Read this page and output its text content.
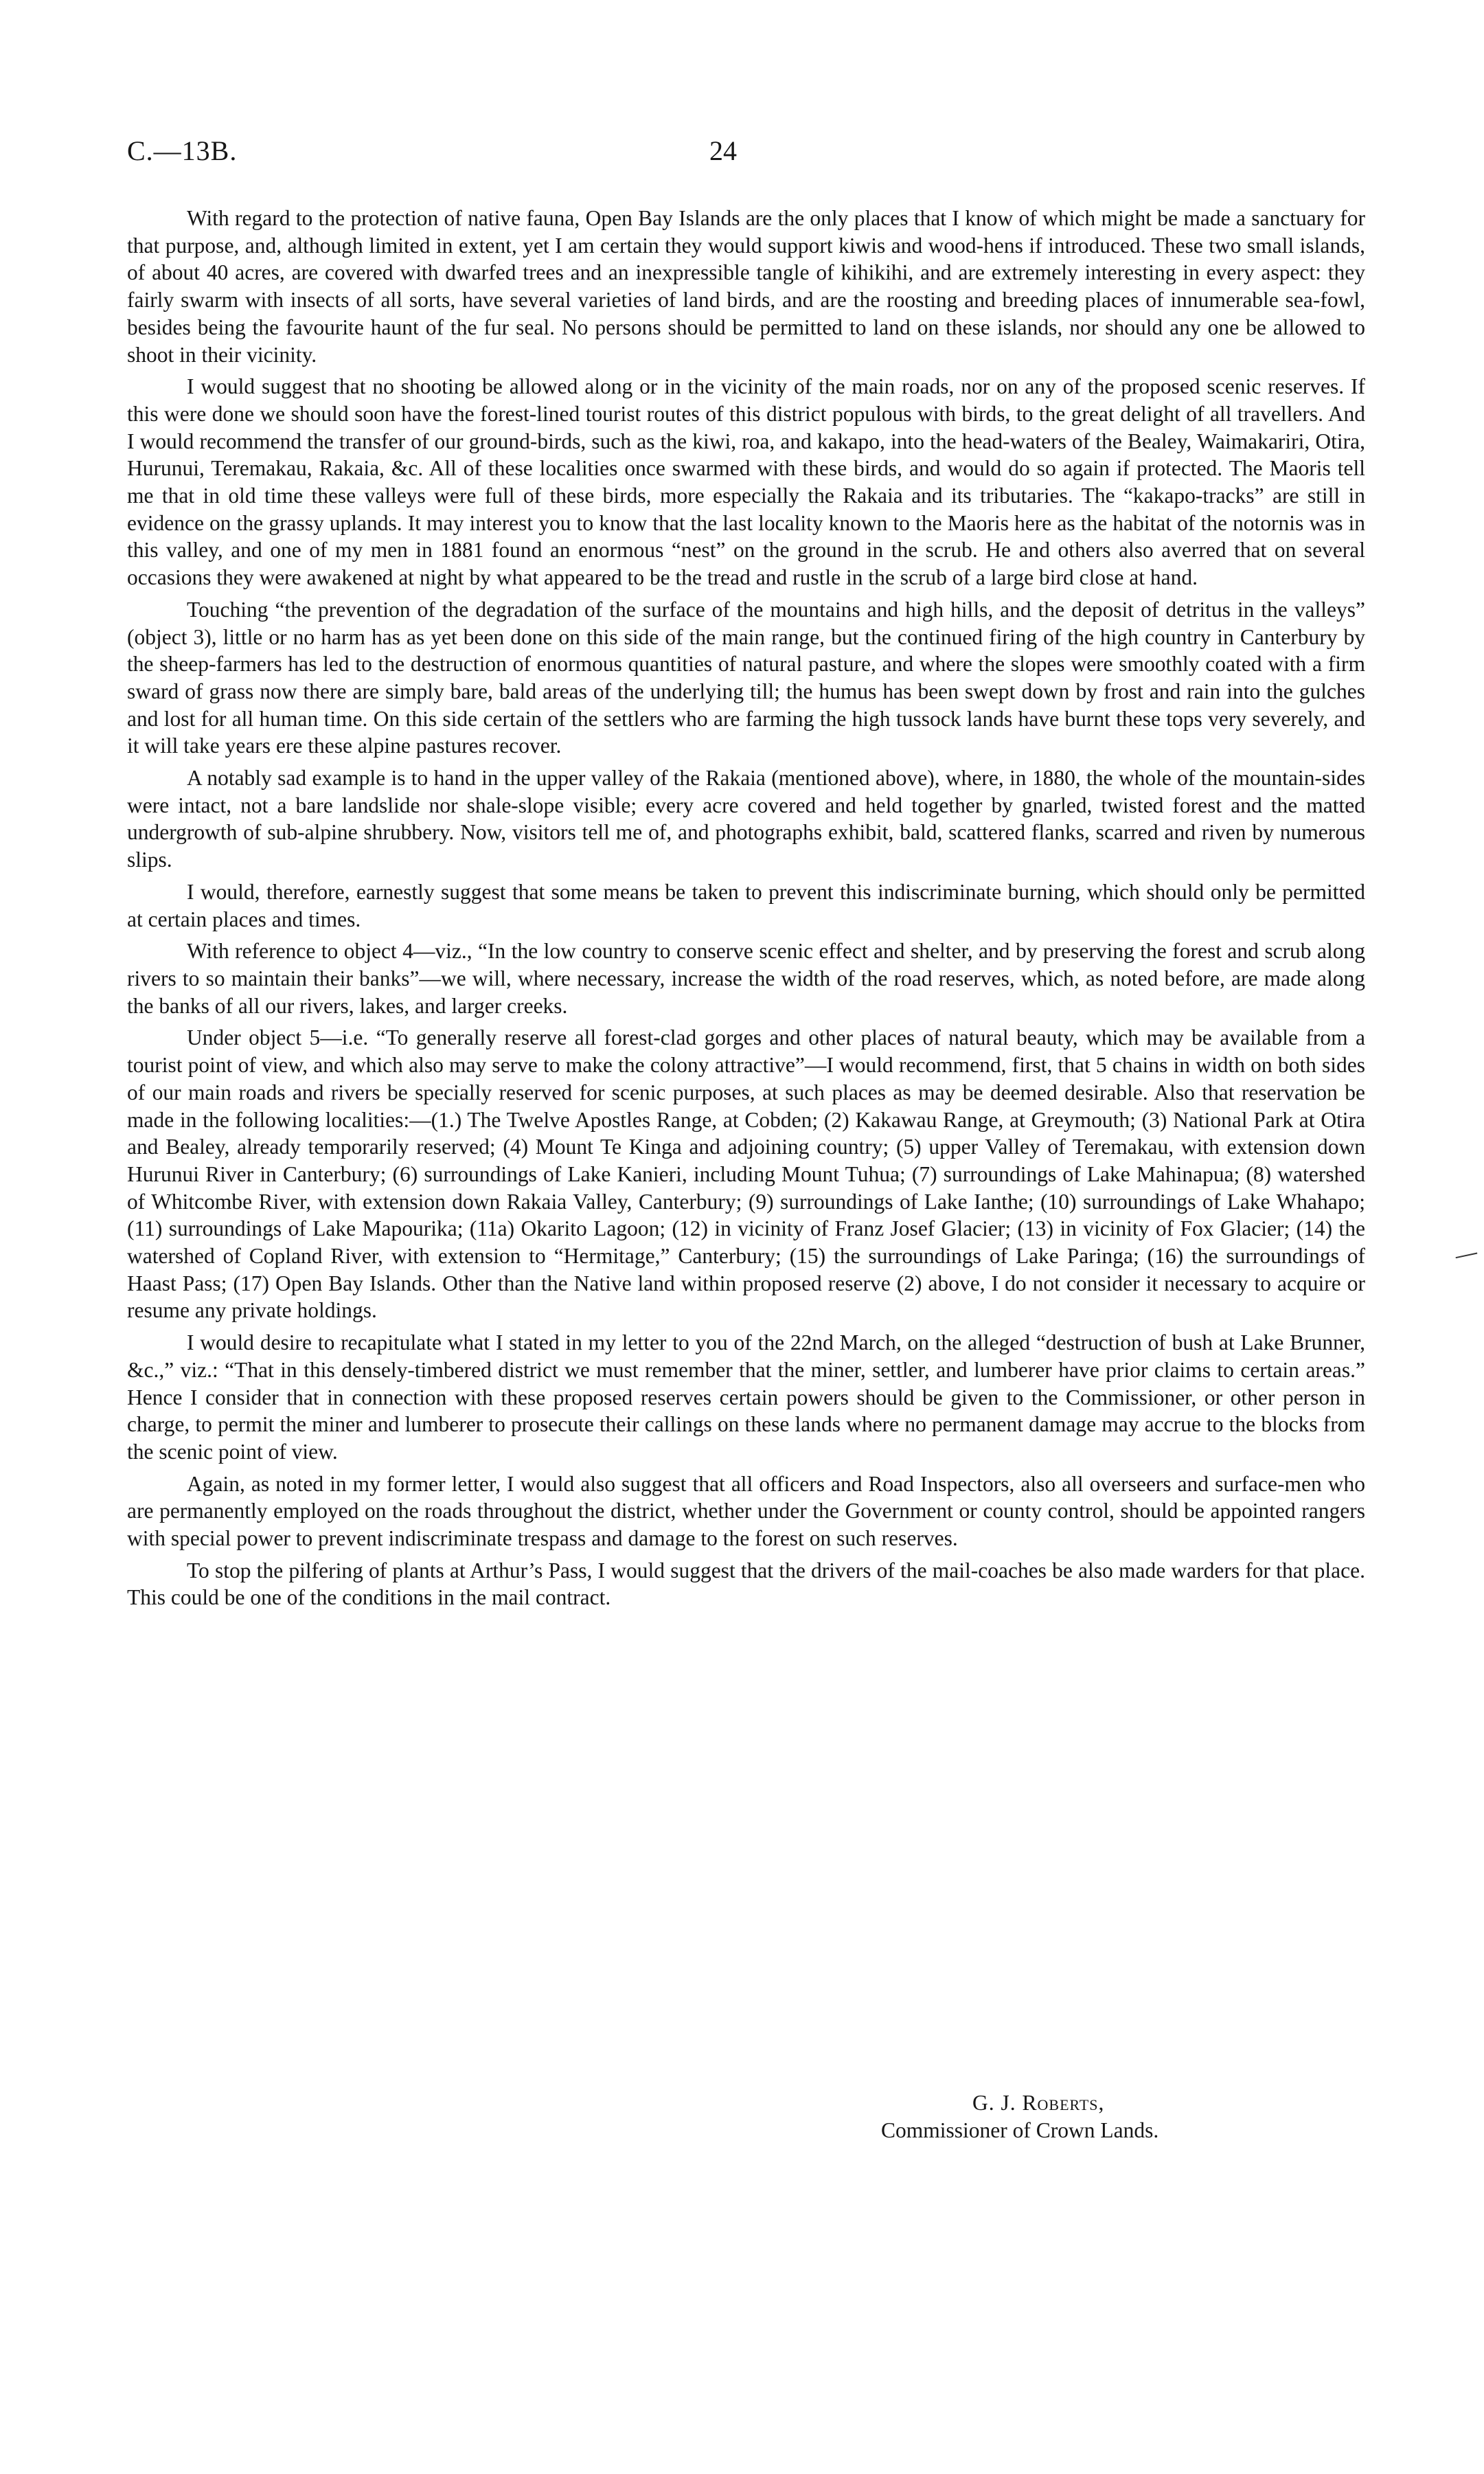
C.—13B.	24

With regard to the protection of native fauna, Open Bay Islands are the only places that I know of which might be made a sanctuary for that purpose, and, although limited in extent, yet I am certain they would support kiwis and wood-hens if introduced. These two small islands, of about 40 acres, are covered with dwarfed trees and an inexpressible tangle of kihikihi, and are extremely interesting in every aspect: they fairly swarm with insects of all sorts, have several varieties of land birds, and are the roosting and breeding places of innumerable sea-fowl, besides being the favourite haunt of the fur seal. No persons should be permitted to land on these islands, nor should any one be allowed to shoot in their vicinity.

I would suggest that no shooting be allowed along or in the vicinity of the main roads, nor on any of the proposed scenic reserves. If this were done we should soon have the forest-lined tourist routes of this district populous with birds, to the great delight of all travellers. And I would recommend the transfer of our ground-birds, such as the kiwi, roa, and kakapo, into the head-waters of the Bealey, Waimakariri, Otira, Hurunui, Teremakau, Rakaia, &c. All of these localities once swarmed with these birds, and would do so again if protected. The Maoris tell me that in old time these valleys were full of these birds, more especially the Rakaia and its tributaries. The “kakapo-tracks” are still in evidence on the grassy uplands. It may interest you to know that the last locality known to the Maoris here as the habitat of the notornis was in this valley, and one of my men in 1881 found an enormous “nest” on the ground in the scrub. He and others also averred that on several occasions they were awakened at night by what appeared to be the tread and rustle in the scrub of a large bird close at hand.

Touching “the prevention of the degradation of the surface of the mountains and high hills, and the deposit of detritus in the valleys” (object 3), little or no harm has as yet been done on this side of the main range, but the continued firing of the high country in Canterbury by the sheep-farmers has led to the destruction of enormous quantities of natural pasture, and where the slopes were smoothly coated with a firm sward of grass now there are simply bare, bald areas of the underlying till; the humus has been swept down by frost and rain into the gulches and lost for all human time. On this side certain of the settlers who are farming the high tussock lands have burnt these tops very severely, and it will take years ere these alpine pastures recover.

A notably sad example is to hand in the upper valley of the Rakaia (mentioned above), where, in 1880, the whole of the mountain-sides were intact, not a bare landslide nor shale-slope visible; every acre covered and held together by gnarled, twisted forest and the matted undergrowth of sub-alpine shrubbery. Now, visitors tell me of, and photographs exhibit, bald, scattered flanks, scarred and riven by numerous slips.

I would, therefore, earnestly suggest that some means be taken to prevent this indiscriminate burning, which should only be permitted at certain places and times.

With reference to object 4—viz., “In the low country to conserve scenic effect and shelter, and by preserving the forest and scrub along rivers to so maintain their banks”—we will, where necessary, increase the width of the road reserves, which, as noted before, are made along the banks of all our rivers, lakes, and larger creeks.

Under object 5—i.e. “To generally reserve all forest-clad gorges and other places of natural beauty, which may be available from a tourist point of view, and which also may serve to make the colony attractive”—I would recommend, first, that 5 chains in width on both sides of our main roads and rivers be specially reserved for scenic purposes, at such places as may be deemed desirable. Also that reservation be made in the following localities:—(1.) The Twelve Apostles Range, at Cobden; (2) Kakawau Range, at Greymouth; (3) National Park at Otira and Bealey, already temporarily reserved; (4) Mount Te Kinga and adjoining country; (5) upper Valley of Teremakau, with extension down Hurunui River in Canterbury; (6) surroundings of Lake Kanieri, including Mount Tuhua; (7) surroundings of Lake Mahinapua; (8) watershed of Whitcombe River, with extension down Rakaia Valley, Canterbury; (9) surroundings of Lake Ianthe; (10) surroundings of Lake Whahapo; (11) surroundings of Lake Mapourika; (11a) Okarito Lagoon; (12) in vicinity of Franz Josef Glacier; (13) in vicinity of Fox Glacier; (14) the watershed of Copland River, with extension to “Hermitage,” Canterbury; (15) the surroundings of Lake Paringa; (16) the surroundings of Haast Pass; (17) Open Bay Islands. Other than the Native land within proposed reserve (2) above, I do not consider it necessary to acquire or resume any private holdings.

I would desire to recapitulate what I stated in my letter to you of the 22nd March, on the alleged “destruction of bush at Lake Brunner, &c.,” viz.: “That in this densely-timbered district we must remember that the miner, settler, and lumberer have prior claims to certain areas.” Hence I consider that in connection with these proposed reserves certain powers should be given to the Commissioner, or other person in charge, to permit the miner and lumberer to prosecute their callings on these lands where no permanent damage may accrue to the blocks from the scenic point of view.

Again, as noted in my former letter, I would also suggest that all officers and Road Inspectors, also all overseers and surface-men who are permanently employed on the roads throughout the district, whether under the Government or county control, should be appointed rangers with special power to prevent indiscriminate trespass and damage to the forest on such reserves.

To stop the pilfering of plants at Arthur’s Pass, I would suggest that the drivers of the mail-coaches be also made warders for that place. This could be one of the conditions in the mail contract.

G. J. Roberts,
Commissioner of Crown Lands.
